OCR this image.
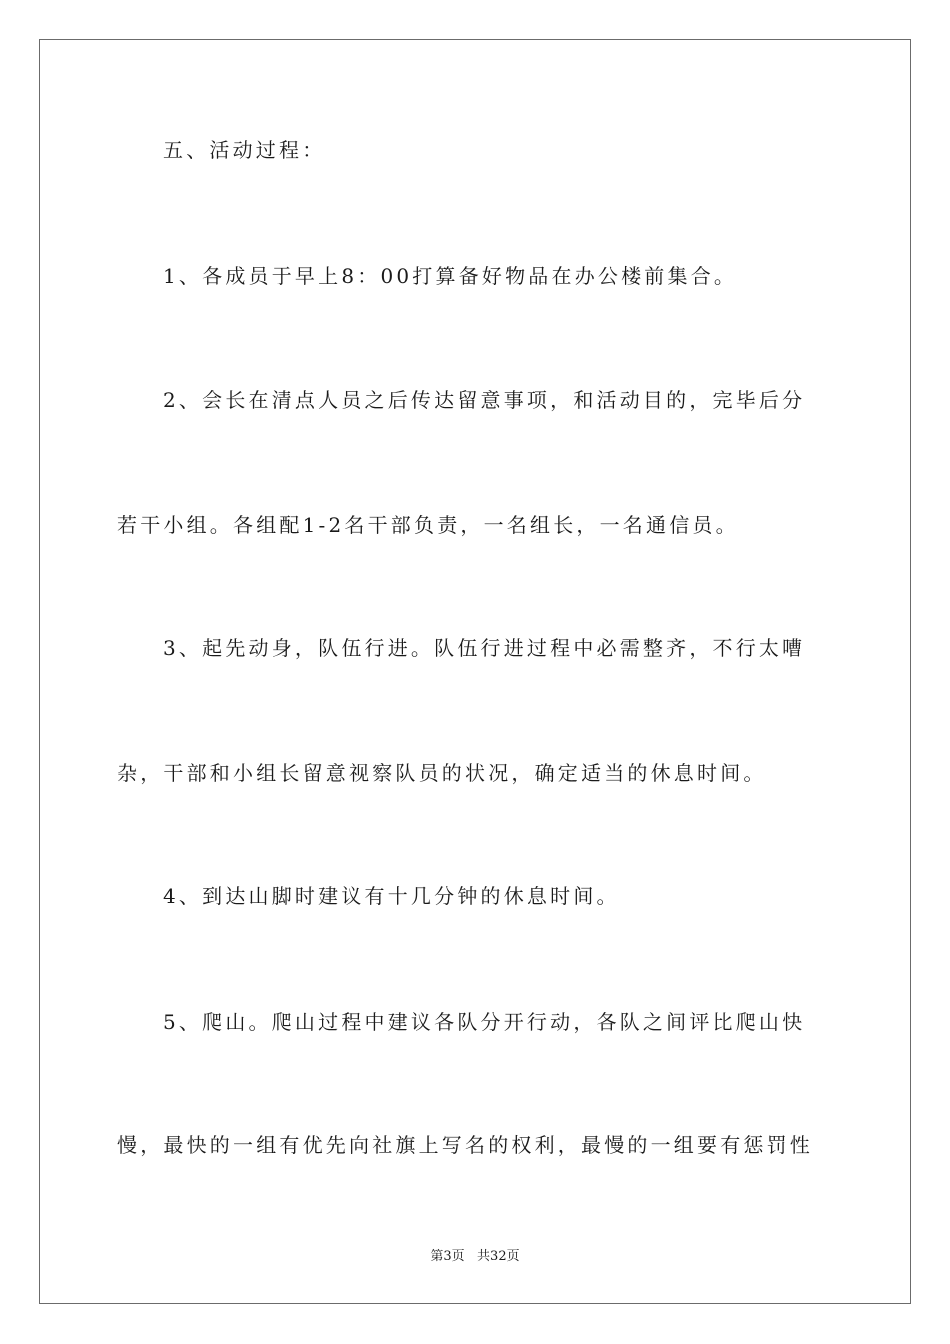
五、活动过程：
1、各成员于早上8：00打算备好物品在办公楼前集合。
2、会长在清点人员之后传达留意事项，和活动目的，完毕后分
若干小组。各组配1-2名干部负责，一名组长，一名通信员。
3、起先动身，队伍行进。队伍行进过程中必需整齐，不行太嘈
杂，干部和小组长留意视察队员的状况，确定适当的休息时间。
4、到达山脚时建议有十几分钟的休息时间。
5、爬山。爬山过程中建议各队分开行动，各队之间评比爬山快
慢，最快的一组有优先向社旗上写名的权利，最慢的一组要有惩罚性
第3页   共32页
